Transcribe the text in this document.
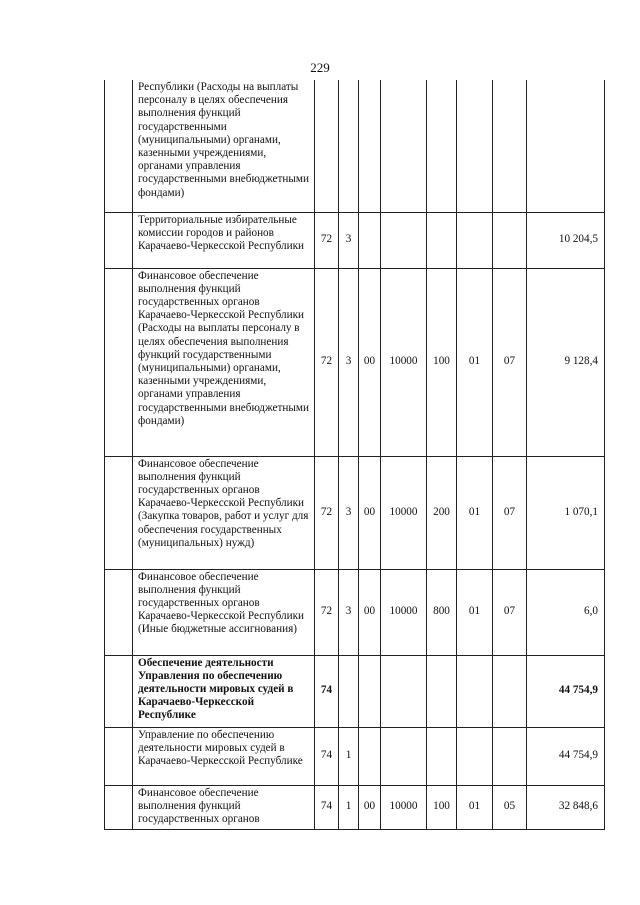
229
	Республики (Расходы на выплаты персоналу в целях обеспечения выполнения функций государственными (муниципальными) органами, казенными учреждениями, органами управления государственными внебюджетными фондами)								
	Территориальные избирательные комиссии городов и районов Карачаево-Черкесской Республики	72	3						10 204,5
	Финансовое обеспечение выполнения функций государственных органов Карачаево-Черкесской Республики (Расходы на выплаты персоналу в целях обеспечения выполнения функций государственными (муниципальными) органами, казенными учреждениями, органами управления государственными внебюджетными фондами)	72	3	00	10000	100	01	07	9 128,4
	Финансовое обеспечение выполнения функций государственных органов Карачаево-Черкесской Республики (Закупка товаров, работ и услуг для обеспечения государственных (муниципальных) нужд)	72	3	00	10000	200	01	07	1 070,1
	Финансовое обеспечение выполнения функций государственных органов Карачаево-Черкесской Республики (Иные бюджетные ассигнования)	72	3	00	10000	800	01	07	6,0
	Обеспечение деятельности Управления по обеспечению деятельности мировых судей в Карачаево-Черкесской Республике	74							44 754,9
	Управление по обеспечению деятельности мировых судей в Карачаево-Черкесской Республике	74	1						44 754,9
	Финансовое обеспечение выполнения функций государственных органов	74	1	00	10000	100	01	05	32 848,6
